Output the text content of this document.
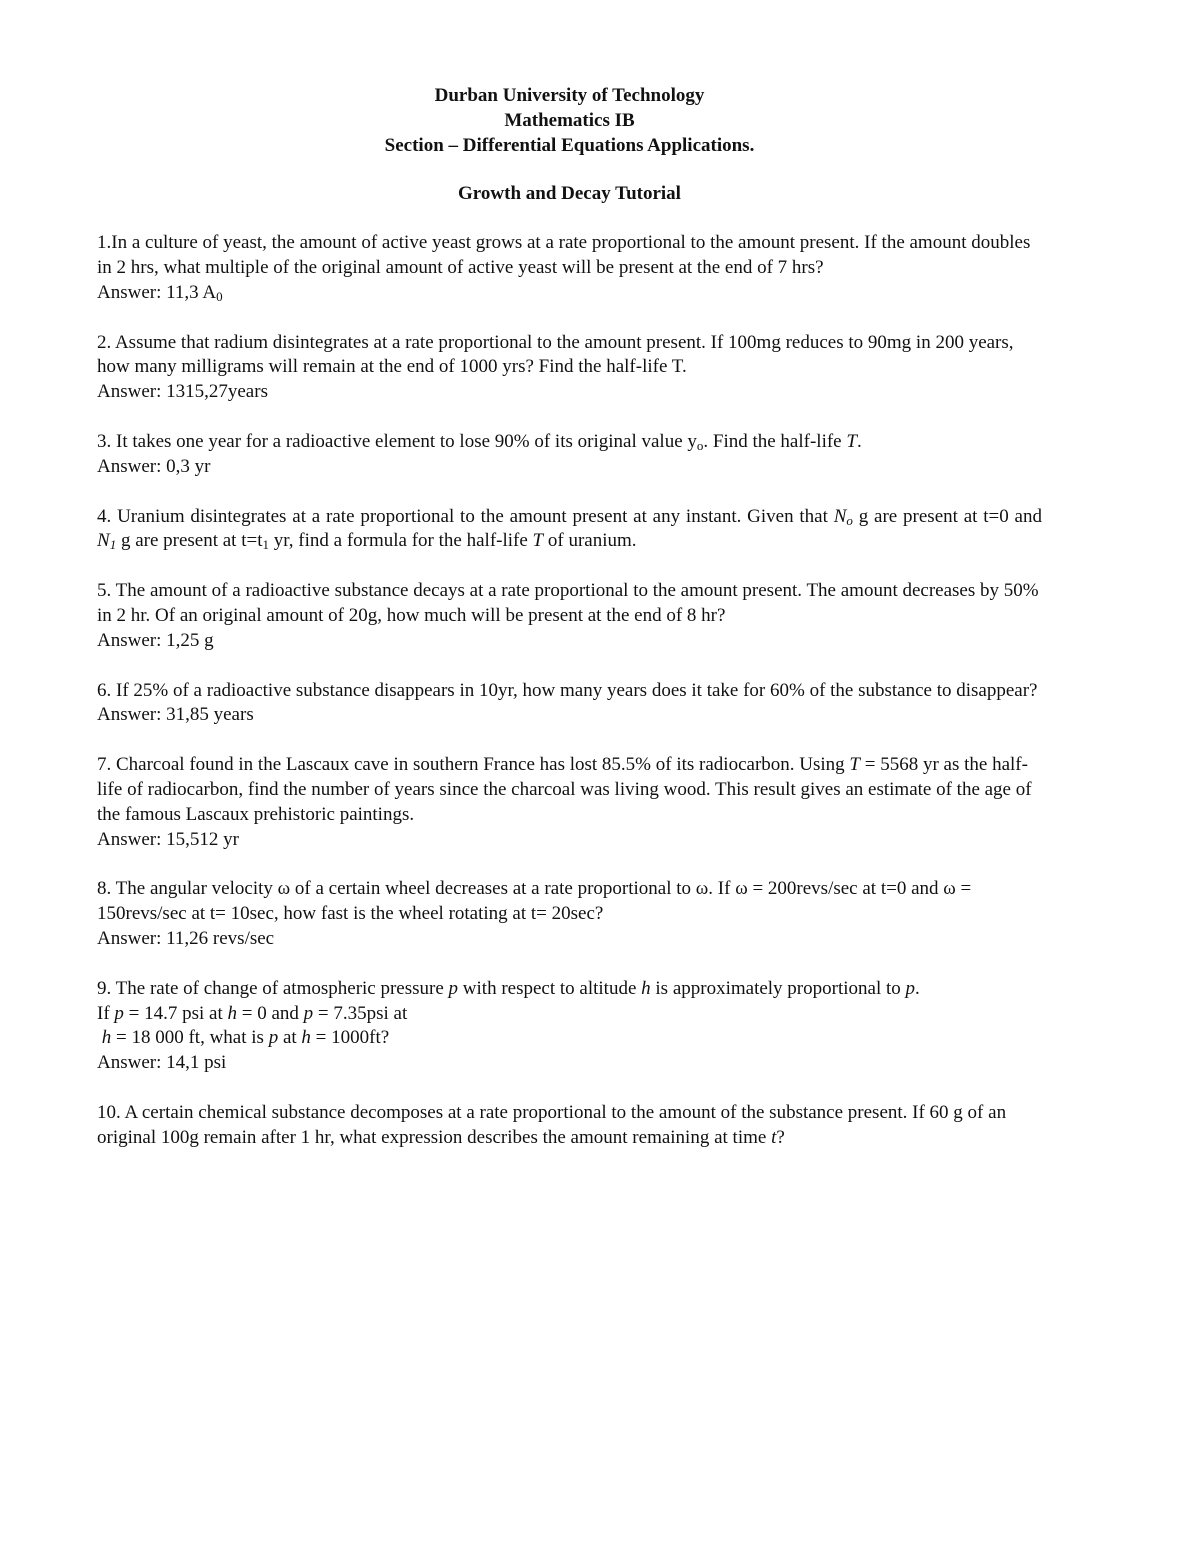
Durban University of Technology
Mathematics IB
Section – Differential Equations Applications.
Growth and Decay Tutorial
1.In a culture of yeast, the amount of active yeast grows at a rate proportional to the amount present. If the amount doubles in 2 hrs, what multiple of the original amount of active yeast will be present at the end of 7 hrs?
Answer: 11,3 $A_0$
2. Assume that radium disintegrates at a rate proportional to the amount present. If 100mg reduces to 90mg in 200 years, how many milligrams will remain at the end of 1000 yrs? Find the half-life T.
Answer: 1315,27years
3. It takes one year for a radioactive element to lose 90% of its original value $y_o$. Find the half-life T.
Answer: 0,3 yr
4. Uranium disintegrates at a rate proportional to the amount present at any instant. Given that $N_o$ g are present at t=0 and $N_1$ g are present at $t=t_1$ yr, find a formula for the half-life T of uranium.
5. The amount of a radioactive substance decays at a rate proportional to the amount present. The amount decreases by 50% in 2 hr. Of an original amount of 20g, how much will be present at the end of 8 hr?
Answer: 1,25 g
6. If 25% of a radioactive substance disappears in 10yr, how many years does it take for 60% of the substance to disappear?
Answer: 31,85 years
7. Charcoal found in the Lascaux cave in southern France has lost 85.5% of its radiocarbon. Using T = 5568 yr as the half-life of radiocarbon, find the number of years since the charcoal was living wood. This result gives an estimate of the age of the famous Lascaux prehistoric paintings.
Answer: 15,512 yr
8. The angular velocity ω of a certain wheel decreases at a rate proportional to ω. If ω = 200revs/sec at t=0 and ω = 150revs/sec at t= 10sec, how fast is the wheel rotating at t= 20sec?
Answer: 11,26 revs/sec
9. The rate of change of atmospheric pressure p with respect to altitude h is approximately proportional to p.
If p = 14.7 psi at h = 0 and p = 7.35psi at
h = 18 000 ft, what is p at h = 1000ft?
Answer: 14,1 psi
10. A certain chemical substance decomposes at a rate proportional to the amount of the substance present. If 60 g of an original 100g remain after 1 hr, what expression describes the amount remaining at time t?
